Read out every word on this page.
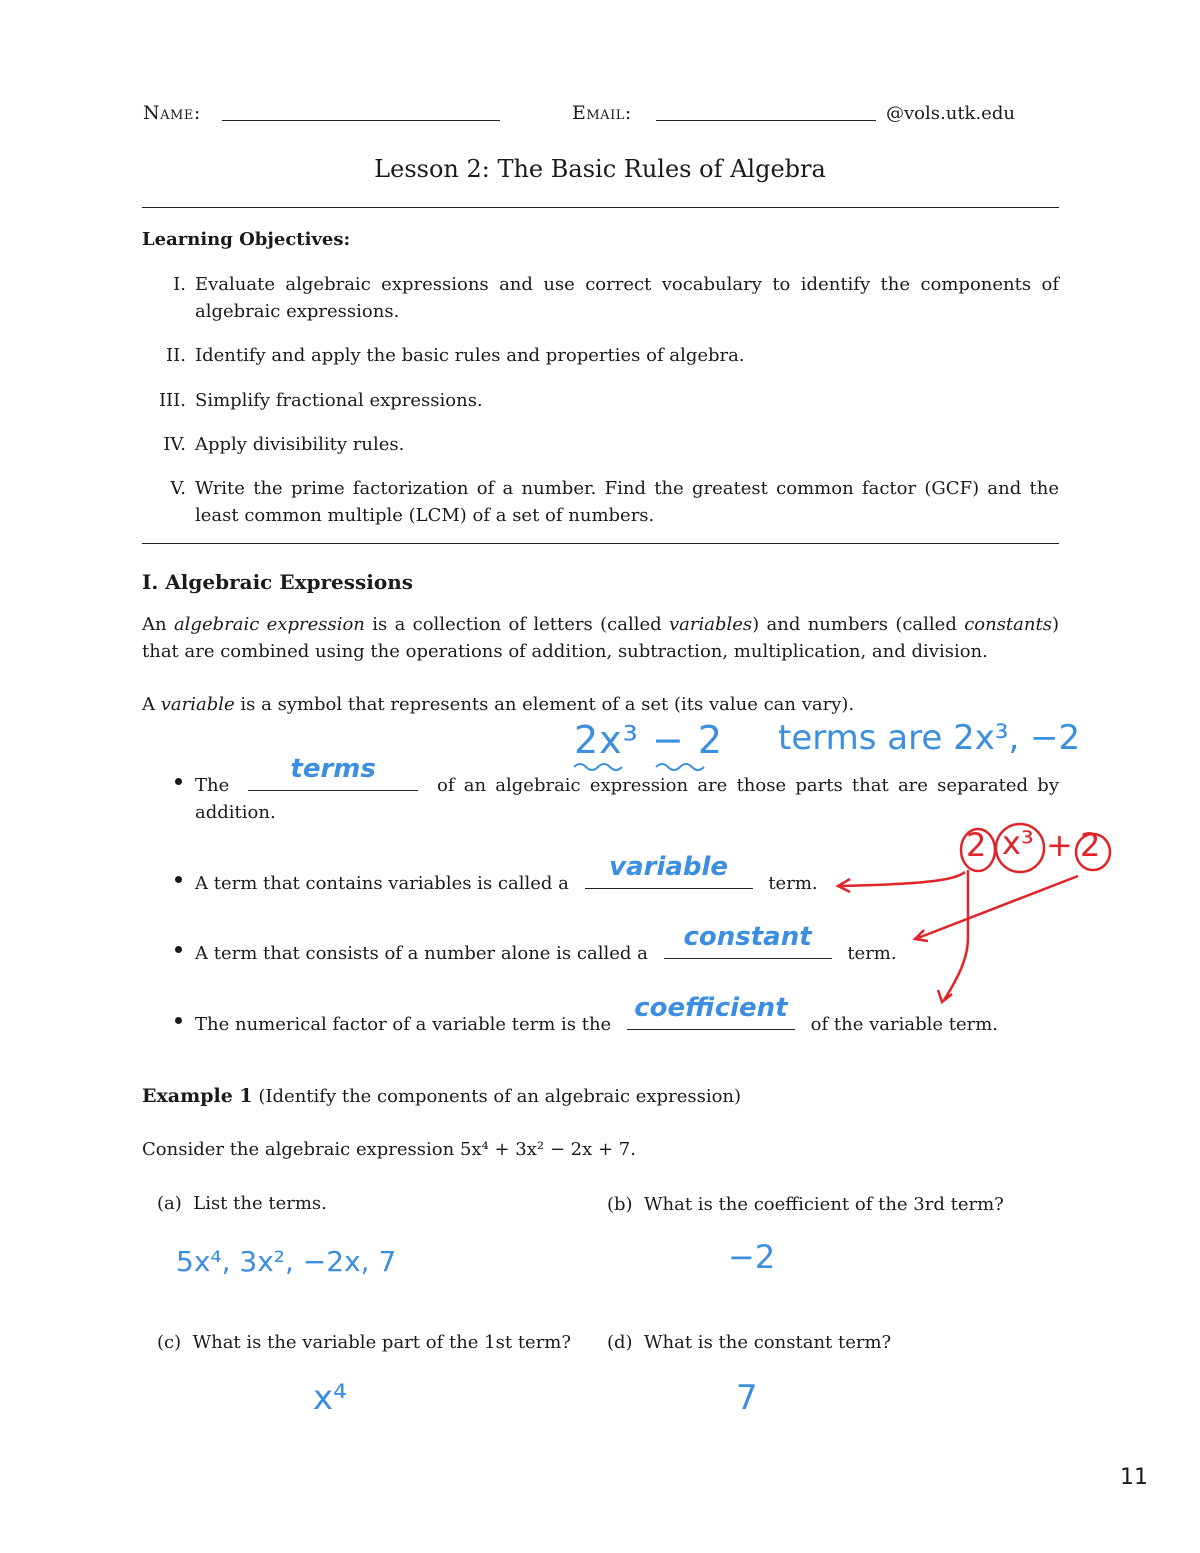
Name:	Email:	@vols.utk.edu
Lesson 2: The Basic Rules of Algebra
Learning Objectives:
I. Evaluate algebraic expressions and use correct vocabulary to identify the components of
algebraic expressions.
II. Identify and apply the basic rules and properties of algebra.
III. Simplify fractional expressions.
IV. Apply divisibility rules.
V. Write the prime factorization of a number. Find the greatest common factor (GCF) and the
least common multiple (LCM) of a set of numbers.
I. Algebraic Expressions
An algebraic expression is a collection of letters (called variables) and numbers (called constants)
that are combined using the operations of addition, subtraction, multiplication, and division.
A variable is a symbol that represents an element of a set (its value can vary).
2x³ − 2 terms are 2x³, −2
The
terms
of an algebraic expression are those parts that are separated by
addition.
A term that contains variables is called a
variable
term.
A term that consists of a number alone is called a
constant
term.
The numerical factor of a variable term is the
coefficient
of the variable term.
2 x³ + 2
Example 1 (Identify the components of an algebraic expression)
Consider the algebraic expression 5x⁴ + 3x² − 2x + 7.
(a) List the terms.
5x⁴, 3x², −2x, 7
(b) What is the coefficient of the 3rd term?
−2
(c) What is the variable part of the 1st term?
x⁴
(d) What is the constant term?
7
11
